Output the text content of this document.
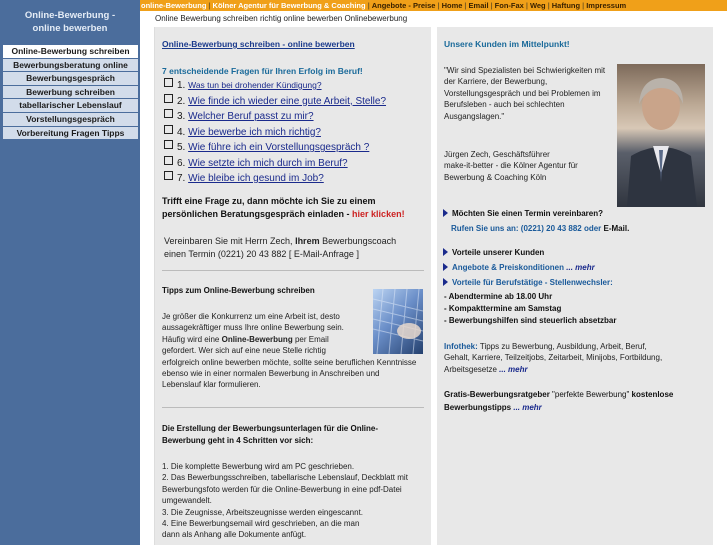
Online-Bewerbung -
online bewerben
Online-Bewerbung schreiben
Bewerbungsberatung online
Bewerbungsgespräch
Bewerbung schreiben
tabellarischer Lebenslauf
Vorstellungsgespräch
Vorbereitung Fragen Tipps
online-Bewerbung | Kölner Agentur für Bewerbung & Coaching | Angebote - Preise | Home | Email | Fon-Fax | Weg | Haftung | Impressum
Online Bewerbung schreiben richtig online bewerben Onlinebewerbung
Online-Bewerbung schreiben - online bewerben
7 entscheidende Fragen für Ihren Erfolg im Beruf!
1. Was tun bei drohender Kündigung?
2. Wie finde ich wieder eine gute Arbeit, Stelle?
3. Welcher Beruf passt zu mir?
4. Wie bewerbe ich mich richtig?
5. Wie führe ich ein Vorstellungsgespräch ?
6. Wie setzte ich mich durch im Beruf?
7. Wie bleibe ich gesund im Job?
Trifft eine Frage zu, dann möchte ich Sie zu einem
persönlichen Beratungsgespräch einladen - hier klicken!
Vereinbaren Sie mit Herrn Zech, Ihrem Bewerbungscoach
einen Termin (0221) 20 43 882 [ E-Mail-Anfrage ]
Tipps zum Online-Bewerbung schreiben
Je größer die Konkurrenz um eine Arbeit ist, desto
aussagekräftiger muss Ihre online Bewerbung sein.
Häufig wird eine Online-Bewerbung per Email
gefordert. Wer sich auf eine neue Stelle richtig
erfolgreich online bewerben möchte, sollte seine beruflichen Kenntnisse
ebenso wie in einer normalen Bewerbung in Anschreiben und
Lebenslauf klar formulieren.
Die Erstellung der Bewerbungsunterlagen für die Online-
Bewerbung geht in 4 Schritten vor sich:
1. Die komplette Bewerbung wird am PC geschrieben.
2. Das Bewerbungsschreiben, tabellarische Lebenslauf, Deckblatt mit
Bewerbungsfoto werden für die Online-Bewerbung in eine pdf-Datei
umgewandelt.
3. Die Zeugnisse, Arbeitszeugnisse werden eingescannt.
4. Eine Bewerbungsemail wird geschrieben, an die man
dann als Anhang alle Dokumente anfügt.
Unsere Kunden im Mittelpunkt!
"Wir sind Spezialisten bei Schwierigkeiten mit
der Karriere, der Bewerbung,
Vorstellungsgespräch und bei Problemen im
Berufsleben - auch bei schlechten
Ausgangslagen."
Jürgen Zech, Geschäftsführer
make-it-better - die Kölner Agentur für
Bewerbung & Coaching Köln
Möchten Sie einen Termin vereinbaren?
Rufen Sie uns an: (0221) 20 43 882 oder E-Mail.
Vorteile unserer Kunden
Angebote & Preiskonditionen ... mehr
Vorteile für Berufstätige - Stellenwechsler:
- Abendtermine ab 18.00 Uhr
- Kompakttermine am Samstag
- Bewerbungshilfen sind steuerlich absetzbar
Infothek: Tipps zu Bewerbung, Ausbildung, Arbeit, Beruf,
Gehalt, Karriere, Teilzeitjobs, Zeitarbeit, Minijobs, Fortbildung,
Arbeitsgesetze ... mehr
Gratis-Bewerbungsratgeber "perfekte Bewerbung" kostenlose
Bewerbungstipps ... mehr
